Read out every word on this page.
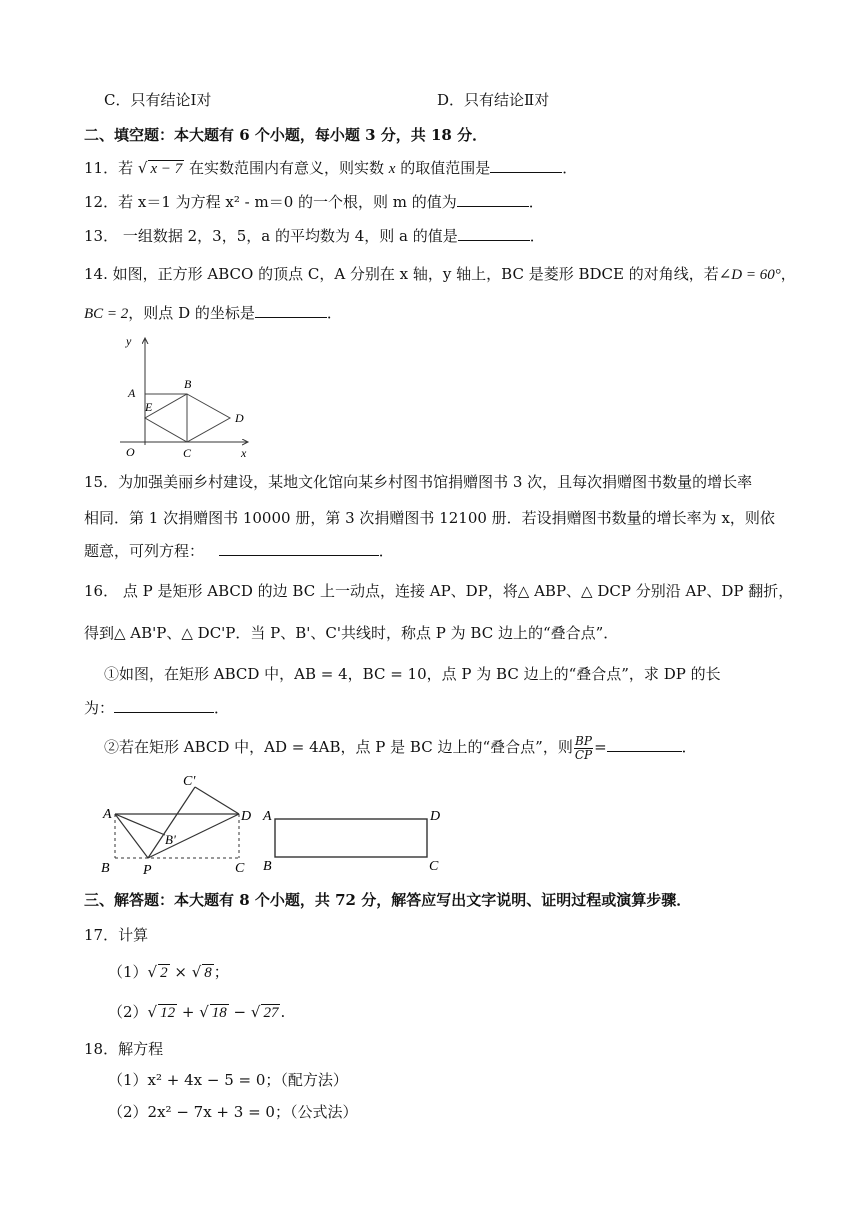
C．只有结论Ⅰ对	D．只有结论Ⅱ对
二、填空题：本大题有 6 个小题，每小题 3 分，共 18 分．
11．若 √ x − 7 在实数范围内有意义，则实数 x 的取值范围是	．
12．若 x＝1 为方程 x² - m＝0 的一个根，则 m 的值为	．
13． 一组数据 2，3，5，a 的平均数为 4，则 a 的值是	．
14. 如图，正方形 ABCO 的顶点 C，A 分别在 x 轴，y 轴上，BC 是菱形 BDCE 的对角线，若∠D = 60°，
BC = 2，则点 D 的坐标是	．
y
x
O
A
B
C
D
E
15．为加强美丽乡村建设，某地文化馆向某乡村图书馆捐赠图书 3 次，且每次捐赠图书数量的增长率
相同．第 1 次捐赠图书 10000 册，第 3 次捐赠图书 12100 册．若设捐赠图书数量的增长率为 x，则依
题意，可列方程：	．
16． 点 P 是矩形 ABCD 的边 BC 上一动点，连接 AP、DP，将△ ABP、△ DCP 分别沿 AP、DP 翻折，
得到△ AB'P、△ DC'P．当 P、B'、C'共线时，称点 P 为 BC 边上的“叠合点”．
①如图，在矩形 ABCD 中，AB = 4，BC = 10，点 P 为 BC 边上的“叠合点”，求 DP 的长
为：	．
②若在矩形 ABCD 中，AD = 4AB，点 P 是 BC 边上的“叠合点”，则 $\frac{BP}{CP}$ =	．
A	D
B	C
P
B'
C'
A	D
B	C
三、解答题：本大题有 8 个小题，共 72 分，解答应写出文字说明、证明过程或演算步骤．
17．计算
（1）√ 2 × √ 8 ；
（2）√ 12 + √ 18 − √ 27 .
18．解方程
（1）x² + 4x − 5 = 0；（配方法）
（2）2x² − 7x + 3 = 0；（公式法）
